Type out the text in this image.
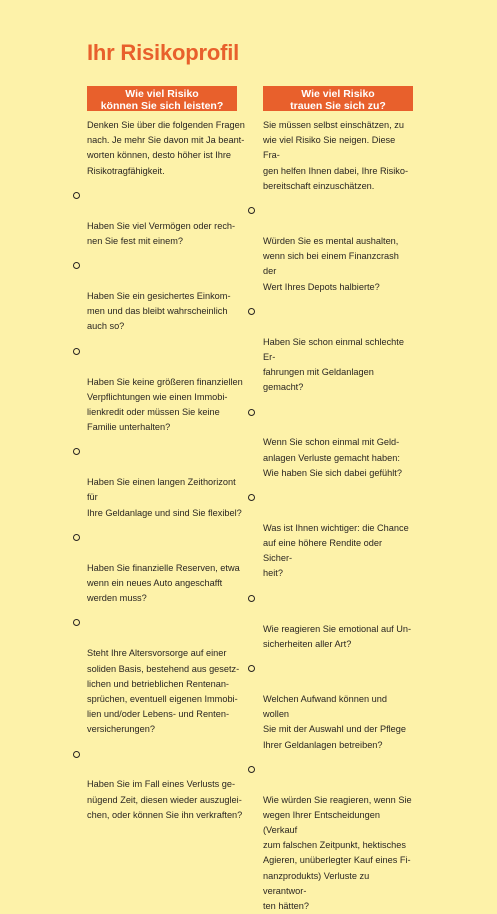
Ihr Risikoprofil
Wie viel Risiko
können Sie sich leisten?
Denken Sie über die folgenden Fragen
nach. Je mehr Sie davon mit Ja beant-
worten können, desto höher ist Ihre
Risikotragfähigkeit.

Haben Sie viel Vermögen oder rech-
nen Sie fest mit einem?

Haben Sie ein gesichertes Einkom-
men und das bleibt wahrscheinlich
auch so?

Haben Sie keine größeren finanziellen
Verpflichtungen wie einen Immobi-
lienkredit oder müssen Sie keine
Familie unterhalten?

Haben Sie einen langen Zeithorizont für
Ihre Geldanlage und sind Sie flexibel?

Haben Sie finanzielle Reserven, etwa
wenn ein neues Auto angeschafft
werden muss?

Steht Ihre Altersvorsorge auf einer
soliden Basis, bestehend aus gesetz-
lichen und betrieblichen Rentenan-
sprüchen, eventuell eigenen Immobi-
lien und/oder Lebens- und Renten-
versicherungen?

Haben Sie im Fall eines Verlusts ge-
nügend Zeit, diesen wieder auszuglei-
chen, oder können Sie ihn verkraften?

Wie viel Risiko
trauen Sie sich zu?
Sie müssen selbst einschätzen, zu
wie viel Risiko Sie neigen. Diese Fra-
gen helfen Ihnen dabei, Ihre Risiko-
bereitschaft einzuschätzen.

Würden Sie es mental aushalten,
wenn sich bei einem Finanzcrash der
Wert Ihres Depots halbierte?

Haben Sie schon einmal schlechte Er-
fahrungen mit Geldanlagen gemacht?

Wenn Sie schon einmal mit Geld-
anlagen Verluste gemacht haben:
Wie haben Sie sich dabei gefühlt?

Was ist Ihnen wichtiger: die Chance
auf eine höhere Rendite oder Sicher-
heit?

Wie reagieren Sie emotional auf Un-
sicherheiten aller Art?

Welchen Aufwand können und wollen
Sie mit der Auswahl und der Pflege
Ihrer Geldanlagen betreiben?

Wie würden Sie reagieren, wenn Sie
wegen Ihrer Entscheidungen (Verkauf
zum falschen Zeitpunkt, hektisches
Agieren, unüberlegter Kauf eines Fi-
nanzprodukts) Verluste zu verantwor-
ten hätten?
